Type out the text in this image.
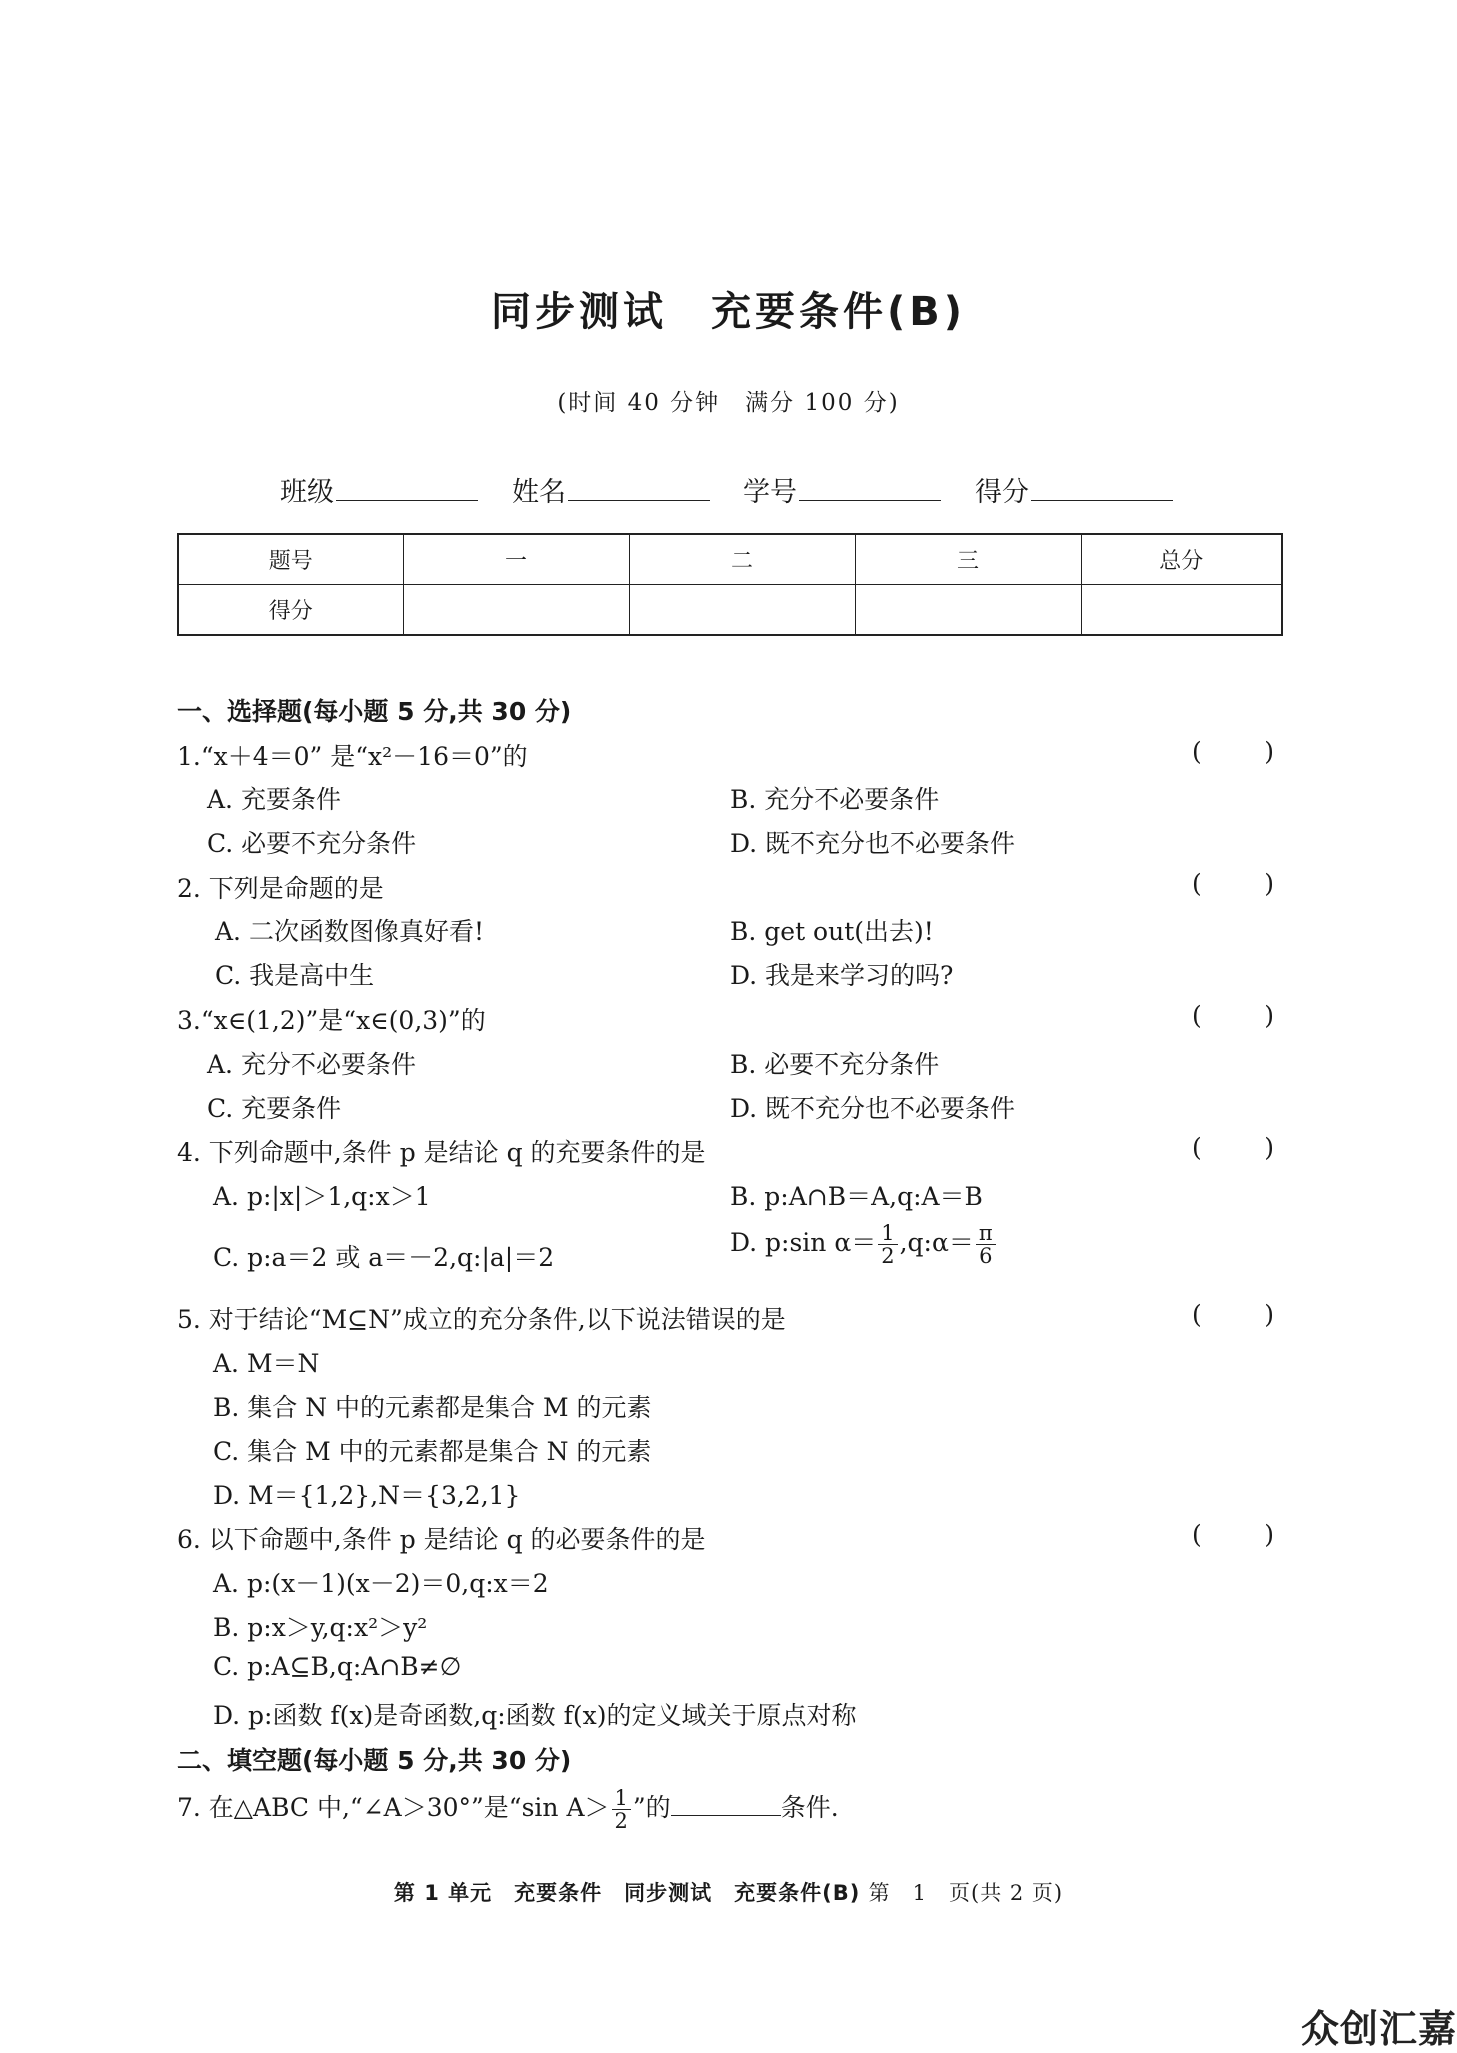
同步测试　充要条件(B)
(时间 40 分钟　满分 100 分)
班级	姓名	学号	得分
题号	一	二	三	总分
得分				
一、选择题(每小题 5 分,共 30 分)
1.“x＋4＝0” 是“x²－16＝0”的	( )
A. 充要条件	B. 充分不必要条件
C. 必要不充分条件	D. 既不充分也不必要条件
2. 下列是命题的是	( )
A. 二次函数图像真好看!	B. get out(出去)!
C. 我是高中生	D. 我是来学习的吗?
3.“x∈(1,2)”是“x∈(0,3)”的	( )
A. 充分不必要条件	B. 必要不充分条件
C. 充要条件	D. 既不充分也不必要条件
4. 下列命题中,条件 p 是结论 q 的充要条件的是	( )
A. p:|x|＞1,q:x＞1	B. p:A∩B＝A,q:A＝B
C. p:a＝2 或 a＝－2,q:|a|＝2
D. p:sin $\alpha= \frac{1}{2}$ ,q:α＝ $\frac{\pi}{6}$
5. 对于结论“M⊆N”成立的充分条件,以下说法错误的是	( )
A. M＝N
B. 集合 N 中的元素都是集合 M 的元素
C. 集合 M 中的元素都是集合 N 的元素
D. M＝{1,2},N＝{3,2,1}
6. 以下命题中,条件 p 是结论 q 的必要条件的是	( )
A. p:(x－1)(x－2)＝0,q:x＝2
B. p:x＞y,q:x²＞y²
C. p:A⊆B,q:A∩B≠∅
D. p:函数 f(x)是奇函数,q:函数 f(x)的定义域关于原点对称
二、填空题(每小题 5 分,共 30 分)
7. 在△ABC 中,“∠A＞30°”是“sin $A> \frac{1}{2}$ ”的	条件.
第 1 单元　充要条件　同步测试　充要条件(B) 第　1　页(共 2 页)
众创汇嘉
